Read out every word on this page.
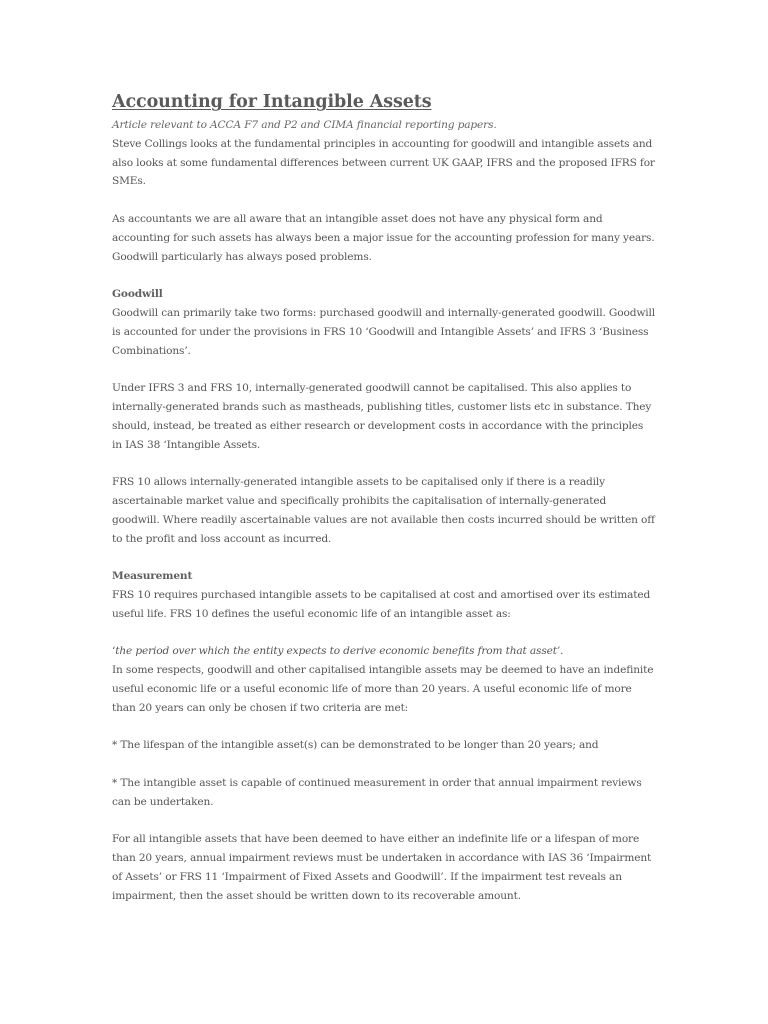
Accounting for Intangible Assets
Article relevant to ACCA F7 and P2 and CIMA financial reporting papers.

Steve Collings looks at the fundamental principles in accounting for goodwill and intangible assets and also looks at some fundamental differences between current UK GAAP, IFRS and the proposed IFRS for SMEs.

As accountants we are all aware that an intangible asset does not have any physical form and accounting for such assets has always been a major issue for the accounting profession for many years. Goodwill particularly has always posed problems.

Goodwill

Goodwill can primarily take two forms: purchased goodwill and internally-generated goodwill. Goodwill is accounted for under the provisions in FRS 10 ‘Goodwill and Intangible Assets’ and IFRS 3 ‘Business Combinations’.

Under IFRS 3 and FRS 10, internally-generated goodwill cannot be capitalised. This also applies to internally-generated brands such as mastheads, publishing titles, customer lists etc in substance. They should, instead, be treated as either research or development costs in accordance with the principles in IAS 38 ‘Intangible Assets.

FRS 10 allows internally-generated intangible assets to be capitalised only if there is a readily ascertainable market value and specifically prohibits the capitalisation of internally-generated goodwill. Where readily ascertainable values are not available then costs incurred should be written off to the profit and loss account as incurred.

Measurement

FRS 10 requires purchased intangible assets to be capitalised at cost and amortised over its estimated useful life. FRS 10 defines the useful economic life of an intangible asset as:

‘the period over which the entity expects to derive economic benefits from that asset’.

In some respects, goodwill and other capitalised intangible assets may be deemed to have an indefinite useful economic life or a useful economic life of more than 20 years. A useful economic life of more than 20 years can only be chosen if two criteria are met:

* The lifespan of the intangible asset(s) can be demonstrated to be longer than 20 years; and

* The intangible asset is capable of continued measurement in order that annual impairment reviews can be undertaken.

For all intangible assets that have been deemed to have either an indefinite life or a lifespan of more than 20 years, annual impairment reviews must be undertaken in accordance with IAS 36 ‘Impairment of Assets’ or FRS 11 ‘Impairment of Fixed Assets and Goodwill’. If the impairment test reveals an impairment, then the asset should be written down to its recoverable amount.
